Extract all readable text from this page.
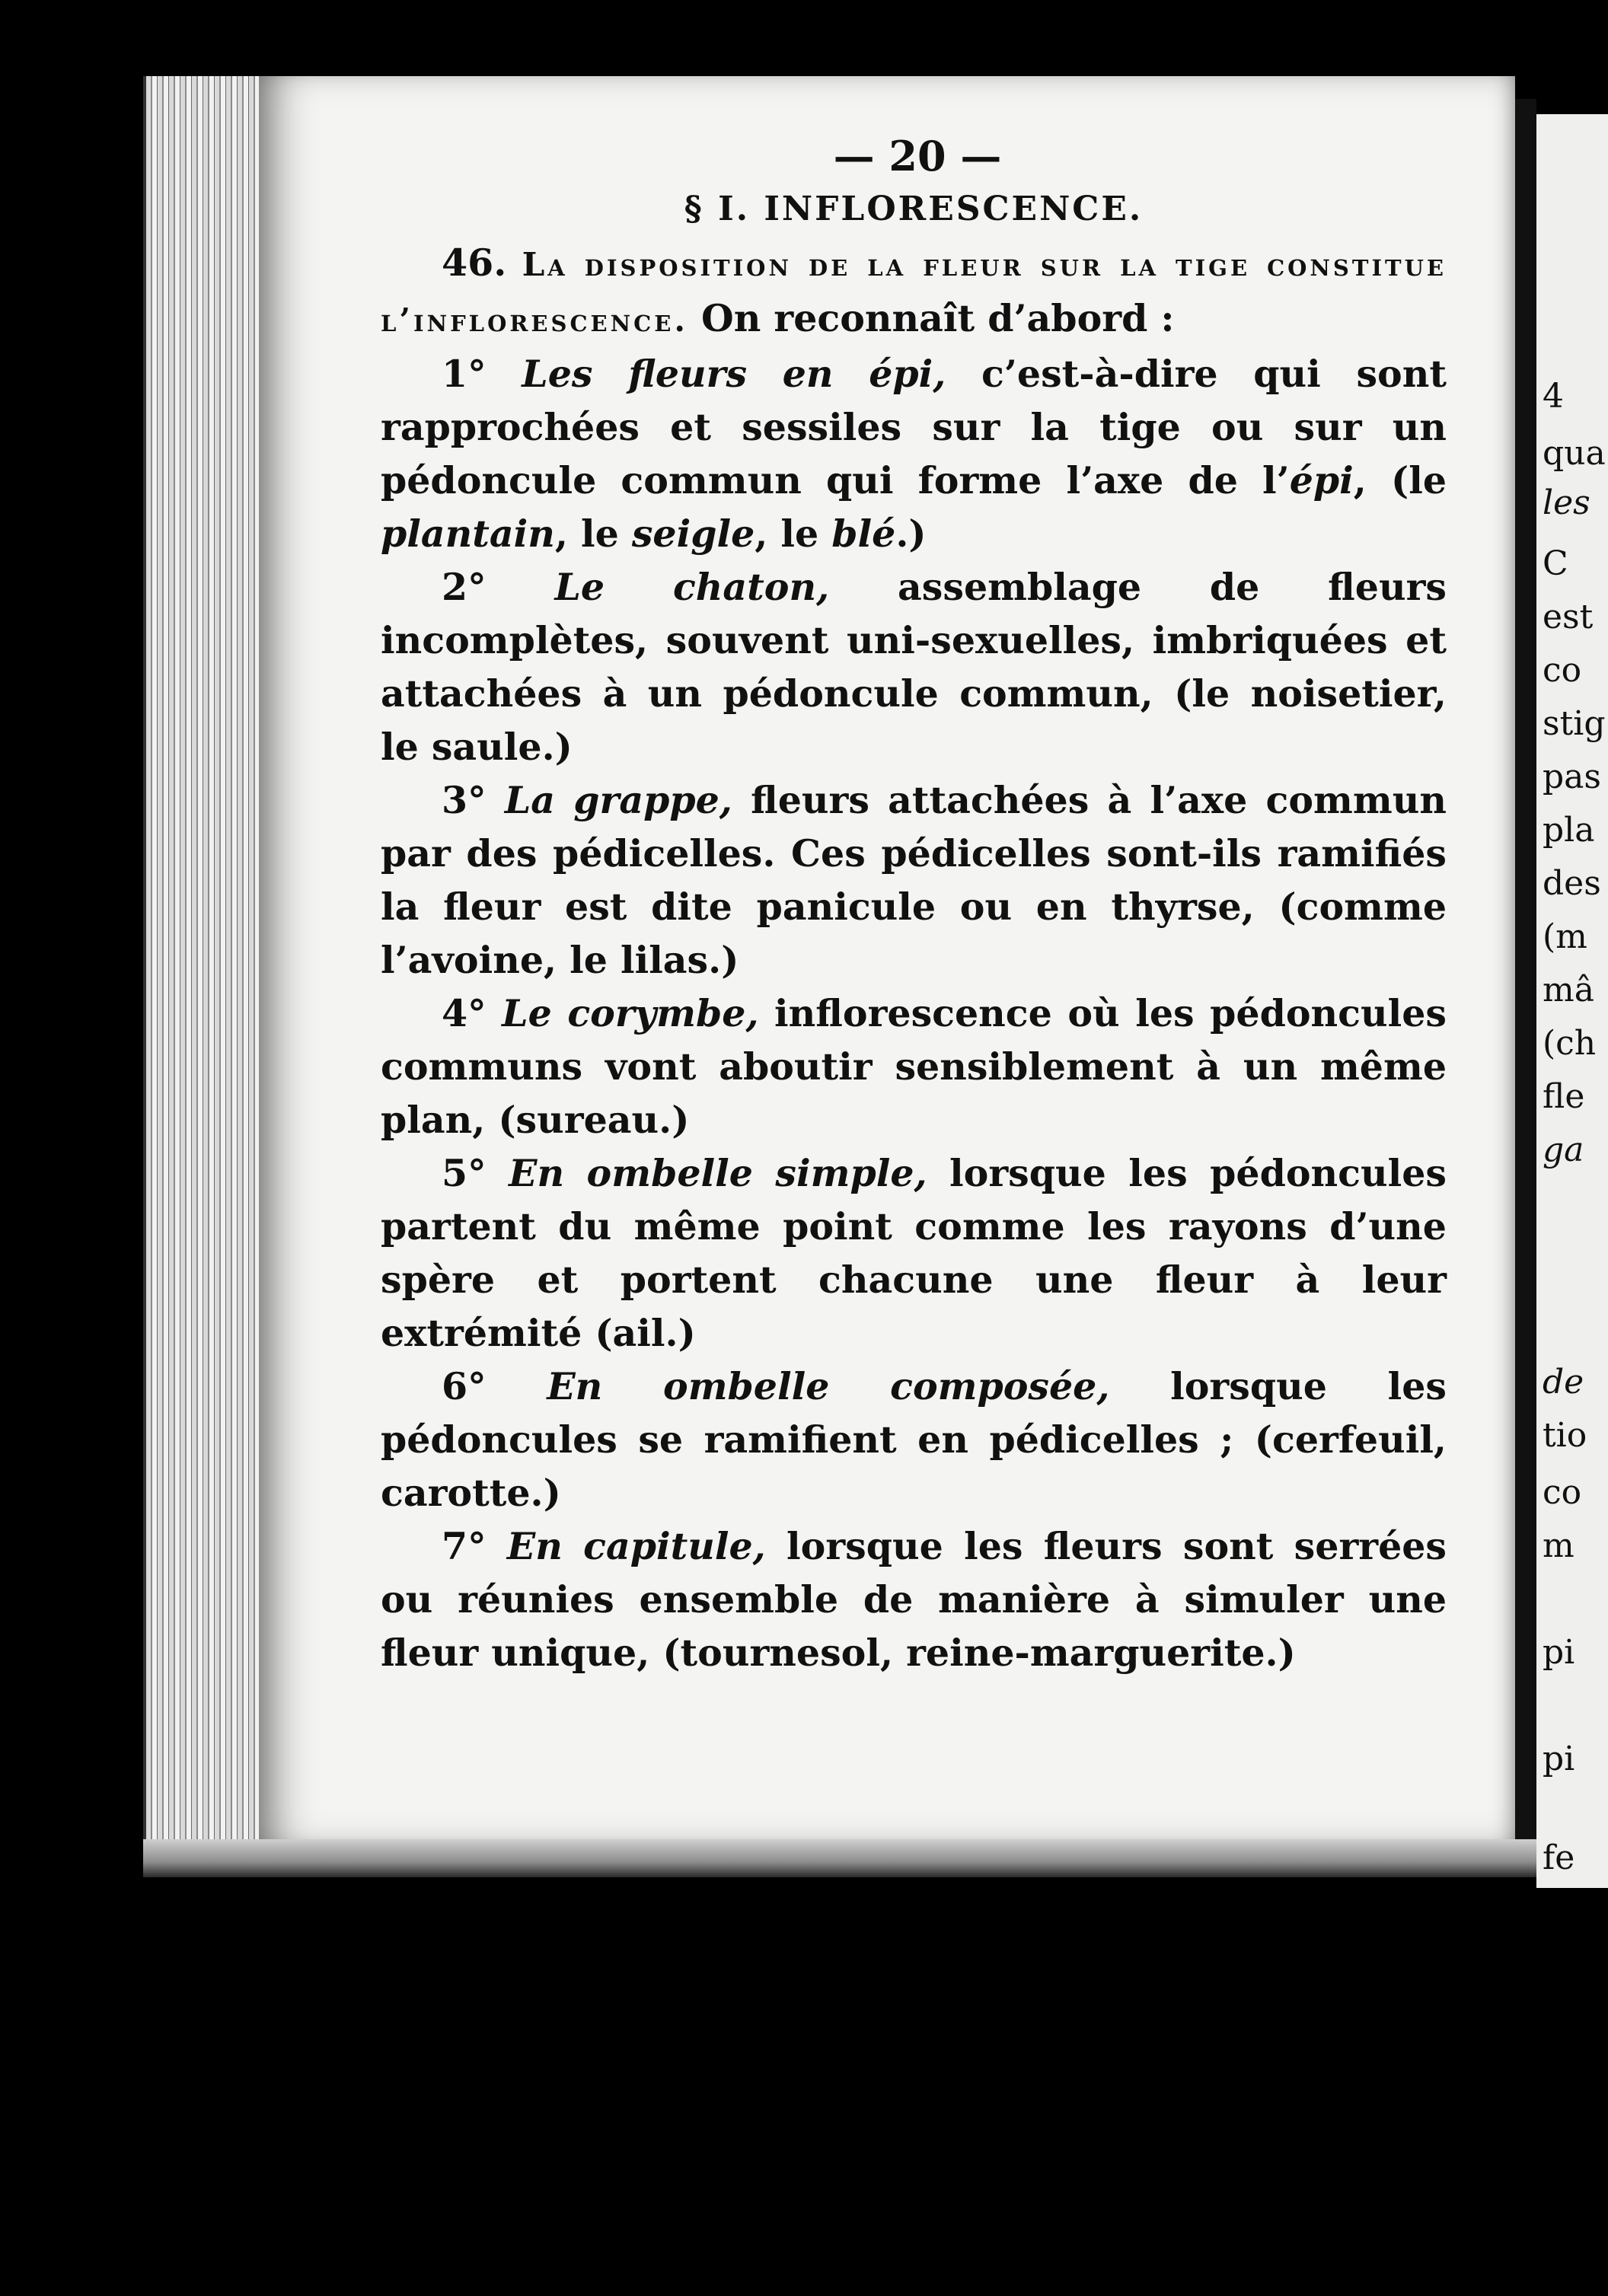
4
qua
les
C
est
co
stig
pas
pla
des
(m
mâ
(ch
fle
ga
de
tio
co
m
pi
pi
fe
— 20 —
§ I. INFLORESCENCE.

46. La disposition de la fleur sur la tige constitue l’inflorescence. On reconnaît d’abord :

1° Les fleurs en épi, c’est-à-dire qui sont rapprochées et sessiles sur la tige ou sur un pédoncule commun qui forme l’axe de l’épi, (le plantain, le seigle, le blé.)

2° Le chaton, assemblage de fleurs incomplètes, souvent uni-sexuelles, imbriquées et attachées à un pédoncule commun, (le noisetier, le saule.)

3° La grappe, fleurs attachées à l’axe commun par des pédicelles. Ces pédicelles sont-ils ramifiés la fleur est dite panicule ou en thyrse, (comme l’avoine, le lilas.)

4° Le corymbe, inflorescence où les pédoncules communs vont aboutir sensiblement à un même plan, (sureau.)

5° En ombelle simple, lorsque les pédoncules partent du même point comme les rayons d’une spère et portent chacune une fleur à leur extrémité (ail.)

6° En ombelle composée, lorsque les pédoncules se ramifient en pédicelles ; (cerfeuil, carotte.)

7° En capitule, lorsque les fleurs sont serrées ou réunies ensemble de manière à simuler une fleur unique, (tournesol, reine-marguerite.)
